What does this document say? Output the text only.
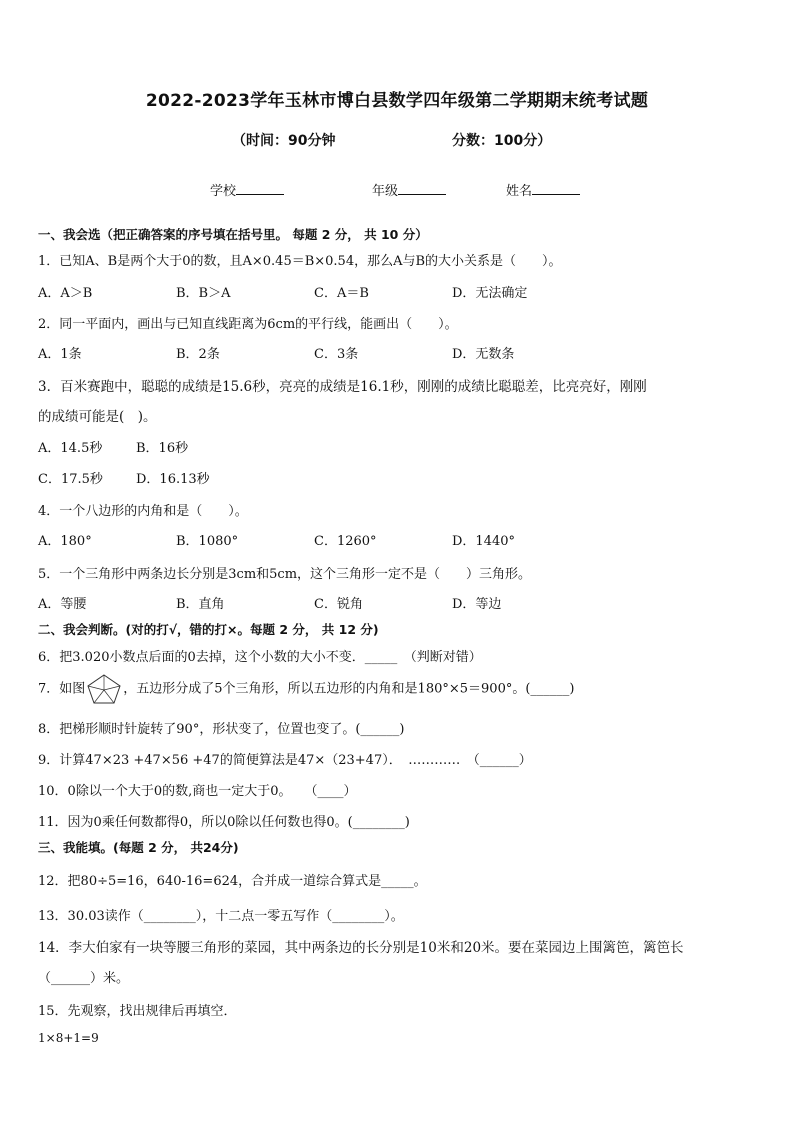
2022-2023学年玉林市博白县数学四年级第二学期期末统考试题
（时间：90分钟	分数：100分）
学校	年级	姓名
一、我会选（把正确答案的序号填在括号里。 每题 2 分， 共 10 分）
1．已知A、B是两个大于0的数，且A×0.45＝B×0.54，那么A与B的大小关系是（　　）。
A．A＞B	B．B＞A	C．A＝B	D．无法确定
2．同一平面内，画出与已知直线距离为6cm的平行线，能画出（　　）。
A．1条	B．2条	C．3条	D．无数条
3．百米赛跑中，聪聪的成绩是15.6秒，亮亮的成绩是16.1秒，刚刚的成绩比聪聪差，比亮亮好，刚刚
的成绩可能是(　)。
A．14.5秒	B．16秒
C．17.5秒	D．16.13秒
4．一个八边形的内角和是（　　）。
A．180°	B．1080°	C．1260°	D．1440°
5．一个三角形中两条边长分别是3cm和5cm，这个三角形一定不是（　　）三角形。
A．等腰	B．直角	C．锐角	D．等边
二、我会判断。(对的打√，错的打×。每题 2 分， 共 12 分)
6．把3.020小数点后面的0去掉，这个小数的大小不变．_____　（判断对错）
7．如图	，五边形分成了5个三角形，所以五边形的内角和是180°×5＝900°。(______)
8．把梯形顺时针旋转了90°，形状变了，位置也变了。(______)
9．计算47×23 +47×56 +47的简便算法是47×（23+47）．　…………　（______）
10．0除以一个大于0的数,商也一定大于0。　　（____）
11．因为0乘任何数都得0，所以0除以任何数也得0。(________)
三、我能填。(每题 2 分， 共24分)
12．把80÷5=16，640-16=624，合并成一道综合算式是_____。
13．30.03读作（________），十二点一零五写作（________）。
14．李大伯家有一块等腰三角形的菜园，其中两条边的长分别是10米和20米。要在菜园边上围篱笆，篱笆长
（______）米。
15．先观察，找出规律后再填空．
1×8+1=9
